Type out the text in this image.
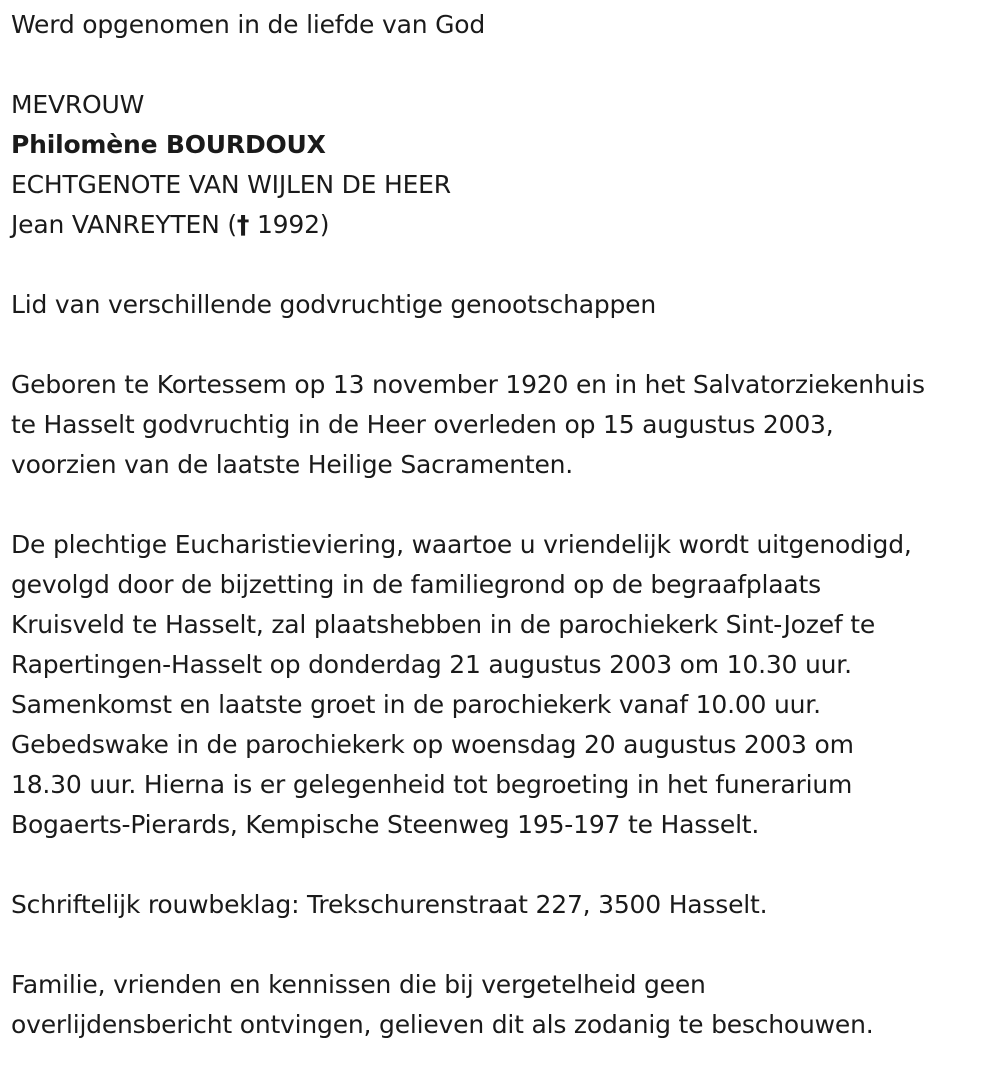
Werd opgenomen in de liefde van God

MEVROUW

Philomène BOURDOUX

ECHTGENOTE VAN WIJLEN DE HEER

Jean VANREYTEN († 1992)

Lid van verschillende godvruchtige genootschappen

Geboren te Kortessem op 13 november 1920 en in het Salvatorziekenhuis

te Hasselt godvruchtig in de Heer overleden op 15 augustus 2003,

voorzien van de laatste Heilige Sacramenten.

De plechtige Eucharistieviering, waartoe u vriendelijk wordt uitgenodigd,

gevolgd door de bijzetting in de familiegrond op de begraafplaats

Kruisveld te Hasselt, zal plaatshebben in de parochiekerk Sint-Jozef te

Rapertingen-Hasselt op donderdag 21 augustus 2003 om 10.30 uur.

Samenkomst en laatste groet in de parochiekerk vanaf 10.00 uur.

Gebedswake in de parochiekerk op woensdag 20 augustus 2003 om

18.30 uur. Hierna is er gelegenheid tot begroeting in het funerarium

Bogaerts-Pierards, Kempische Steenweg 195-197 te Hasselt.

Schriftelijk rouwbeklag: Trekschurenstraat 227, 3500 Hasselt.

Familie, vrienden en kennissen die bij vergetelheid geen

overlijdensbericht ontvingen, gelieven dit als zodanig te beschouwen.
